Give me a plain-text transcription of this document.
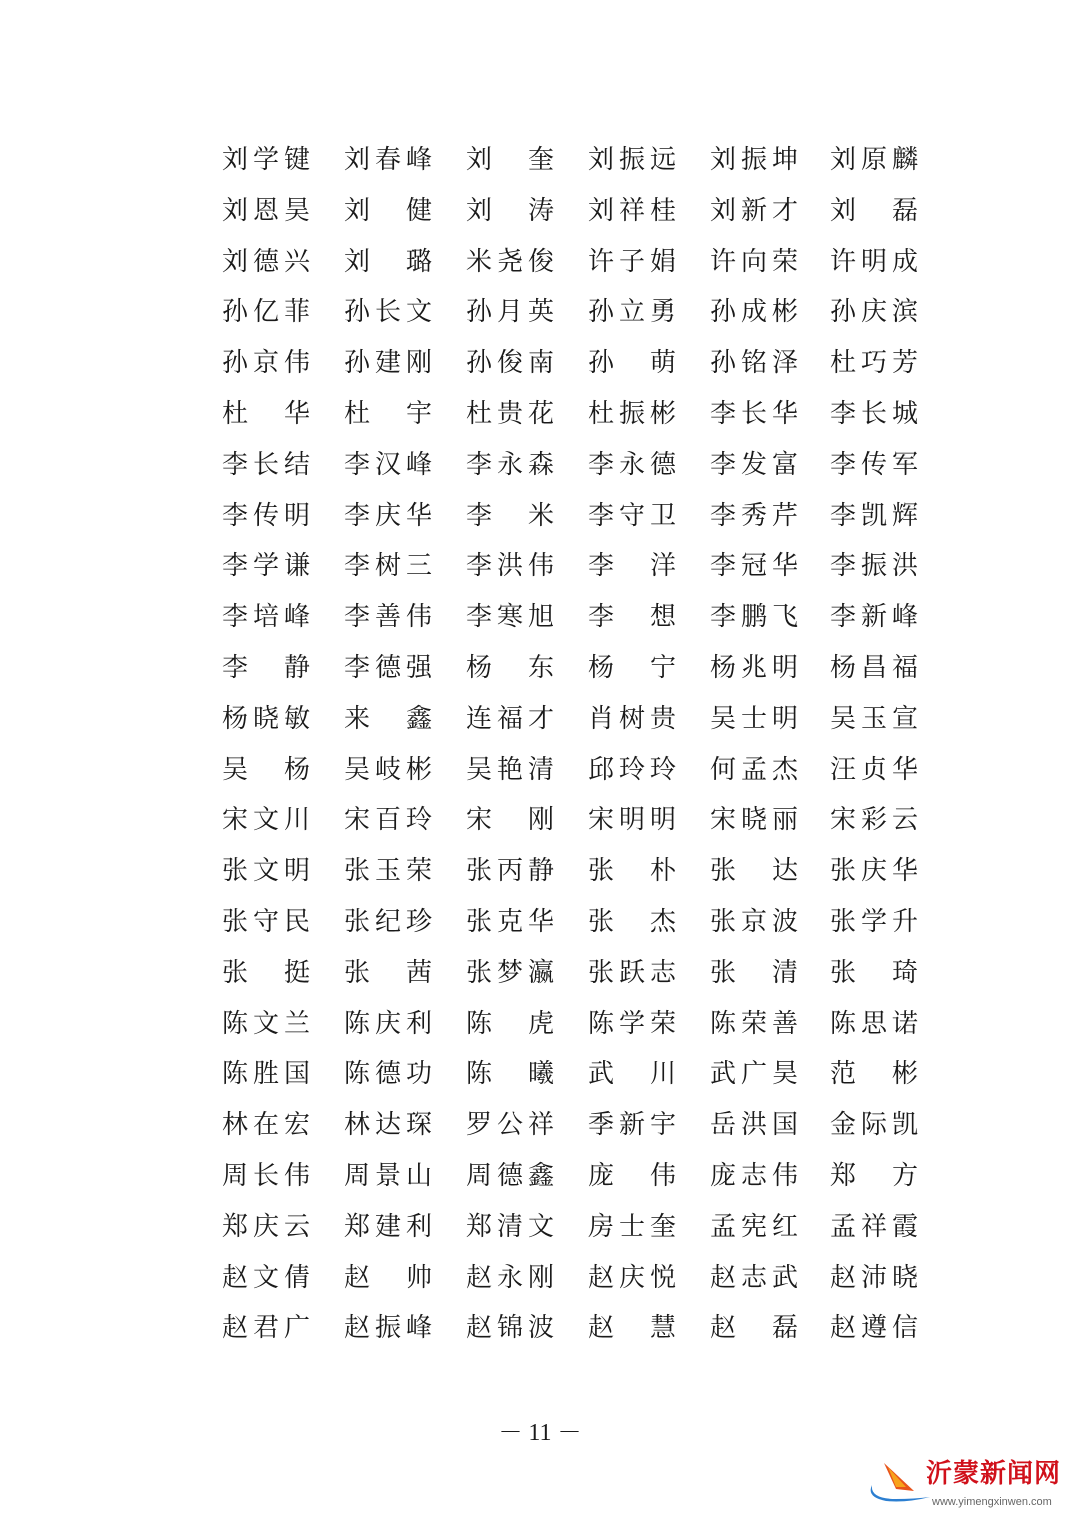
刘学键 刘春峰 刘奎 刘振远 刘振坤 刘原麟
刘恩昊 刘健 刘涛 刘祥桂 刘新才 刘磊
刘德兴 刘璐 米尧俊 许子娟 许向荣 许明成
孙亿菲 孙长文 孙月英 孙立勇 孙成彬 孙庆滨
孙京伟 孙建刚 孙俊南 孙萌 孙铭泽 杜巧芳
杜华 杜宇 杜贵花 杜振彬 李长华 李长城
李长结 李汉峰 李永森 李永德 李发富 李传军
李传明 李庆华 李米 李守卫 李秀芹 李凯辉
李学谦 李树三 李洪伟 李洋 李冠华 李振洪
李培峰 李善伟 李寒旭 李想 李鹏飞 李新峰
李静 李德强 杨东 杨宁 杨兆明 杨昌福
杨晓敏 来鑫 连福才 肖树贵 吴士明 吴玉宣
吴杨 吴岐彬 吴艳清 邱玲玲 何孟杰 汪贞华
宋文川 宋百玲 宋刚 宋明明 宋晓丽 宋彩云
张文明 张玉荣 张丙静 张朴 张达 张庆华
张守民 张纪珍 张克华 张杰 张京波 张学升
张挺 张茜 张梦瀛 张跃志 张清 张琦
陈文兰 陈庆利 陈虎 陈学荣 陈荣善 陈思诺
陈胜国 陈德功 陈曦 武川 武广昊 范彬
林在宏 林达琛 罗公祥 季新宇 岳洪国 金际凯
周长伟 周景山 周德鑫 庞伟 庞志伟 郑方
郑庆云 郑建利 郑清文 房士奎 孟宪红 孟祥霞
赵文倩 赵帅 赵永刚 赵庆悦 赵志武 赵沛晓
赵君广 赵振峰 赵锦波 赵慧 赵磊 赵遵信
－ 11 －
沂蒙新闻网
www.yimengxinwen.com
